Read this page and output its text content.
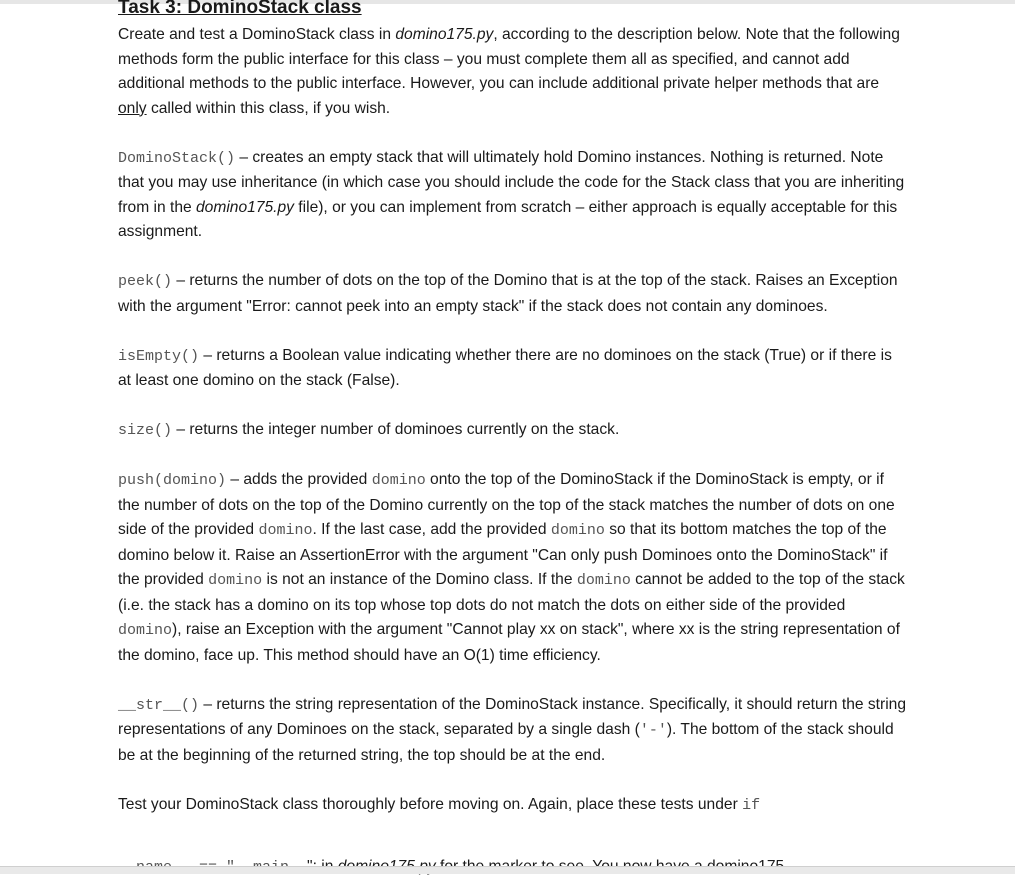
Task 3: DominoStack class

Create and test a DominoStack class in domino175.py, according to the description below. Note that the following methods form the public interface for this class – you must complete them all as specified, and cannot add additional methods to the public interface. However, you can include additional private helper methods that are only called within this class, if you wish.

DominoStack() – creates an empty stack that will ultimately hold Domino instances. Nothing is returned. Note that you may use inheritance (in which case you should include the code for the Stack class that you are inheriting from in the domino175.py file), or you can implement from scratch – either approach is equally acceptable for this assignment.

peek() – returns the number of dots on the top of the Domino that is at the top of the stack. Raises an Exception with the argument "Error: cannot peek into an empty stack" if the stack does not contain any dominoes.

isEmpty() – returns a Boolean value indicating whether there are no dominoes on the stack (True) or if there is at least one domino on the stack (False).

size() – returns the integer number of dominoes currently on the stack.

push(domino) – adds the provided domino onto the top of the DominoStack if the DominoStack is empty, or if the number of dots on the top of the Domino currently on the top of the stack matches the number of dots on one side of the provided domino. If the last case, add the provided domino so that its bottom matches the top of the domino below it. Raise an AssertionError with the argument "Can only push Dominoes onto the DominoStack" if the provided domino is not an instance of the Domino class. If the domino cannot be added to the top of the stack (i.e. the stack has a domino on its top whose top dots do not match the dots on either side of the provided domino), raise an Exception with the argument "Cannot play xx on stack", where xx is the string representation of the domino, face up. This method should have an O(1) time efficiency.

__str__() – returns the string representation of the DominoStack instance. Specifically, it should return the string representations of any Dominoes on the stack, separated by a single dash ('-'). The bottom of the stack should be at the beginning of the returned string, the top should be at the end.

Test your DominoStack class thoroughly before moving on. Again, place these tests under if
